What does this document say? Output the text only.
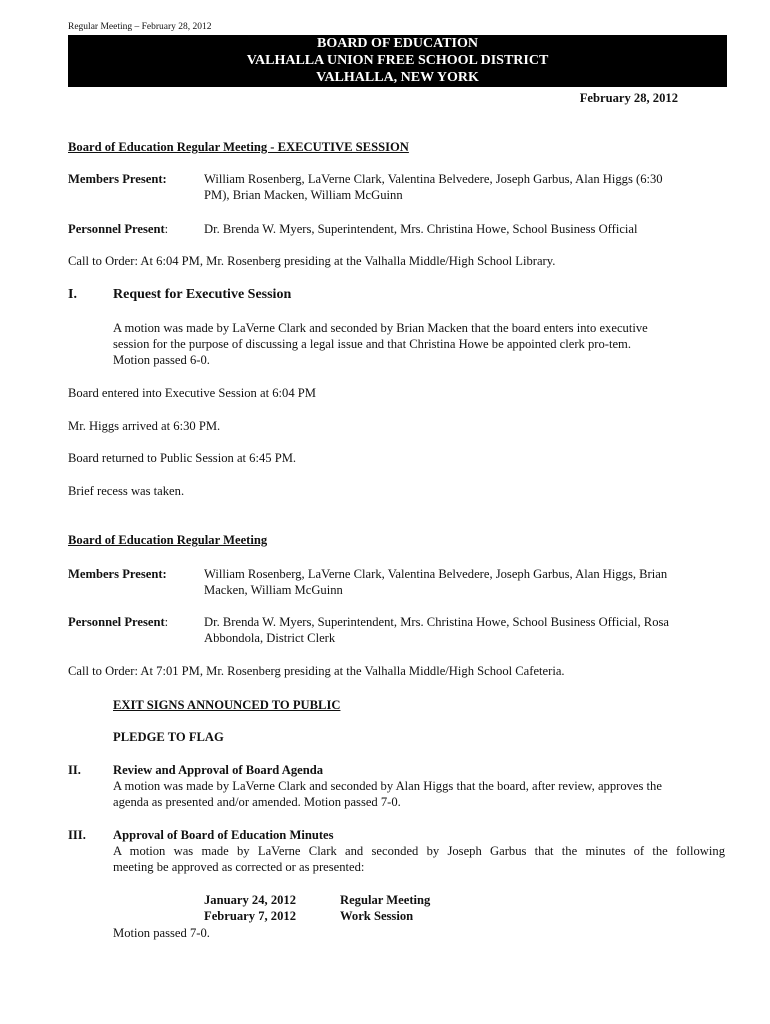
Regular Meeting – February 28, 2012
BOARD OF EDUCATION
VALHALLA UNION FREE SCHOOL DISTRICT
VALHALLA, NEW YORK
February 28, 2012
Board of Education Regular Meeting - EXECUTIVE SESSION
Members Present:	William Rosenberg, LaVerne Clark, Valentina Belvedere, Joseph Garbus, Alan Higgs (6:30
PM), Brian Macken, William McGuinn
Personnel Present:	Dr. Brenda W. Myers, Superintendent, Mrs. Christina Howe, School Business Official
Call to Order: At 6:04 PM, Mr. Rosenberg presiding at the Valhalla Middle/High School Library.
I.	Request for Executive Session
A motion was made by LaVerne Clark and seconded by Brian Macken that the board enters into executive
session for the purpose of discussing a legal issue and that Christina Howe be appointed clerk pro-tem.
Motion passed 6-0.
Board entered into Executive Session at 6:04 PM
Mr. Higgs arrived at 6:30 PM.
Board returned to Public Session at 6:45 PM.
Brief recess was taken.
Board of Education Regular Meeting
Members Present:	William Rosenberg, LaVerne Clark, Valentina Belvedere, Joseph Garbus, Alan Higgs, Brian
Macken, William McGuinn
Personnel Present:	Dr. Brenda W. Myers, Superintendent, Mrs. Christina Howe, School Business Official, Rosa
Abbondola, District Clerk
Call to Order: At 7:01 PM, Mr. Rosenberg presiding at the Valhalla Middle/High School Cafeteria.
EXIT SIGNS ANNOUNCED TO PUBLIC
PLEDGE TO FLAG
II.	Review and Approval of Board Agenda
A motion was made by LaVerne Clark and seconded by Alan Higgs that the board, after review, approves the
agenda as presented and/or amended. Motion passed 7-0.
III. Approval of Board of Education Minutes
A motion was made by LaVerne Clark and seconded by Joseph Garbus that the minutes of the following
meeting be approved as corrected or as presented:
January 24, 2012	Regular Meeting
February 7, 2012	Work Session
Motion passed 7-0.
